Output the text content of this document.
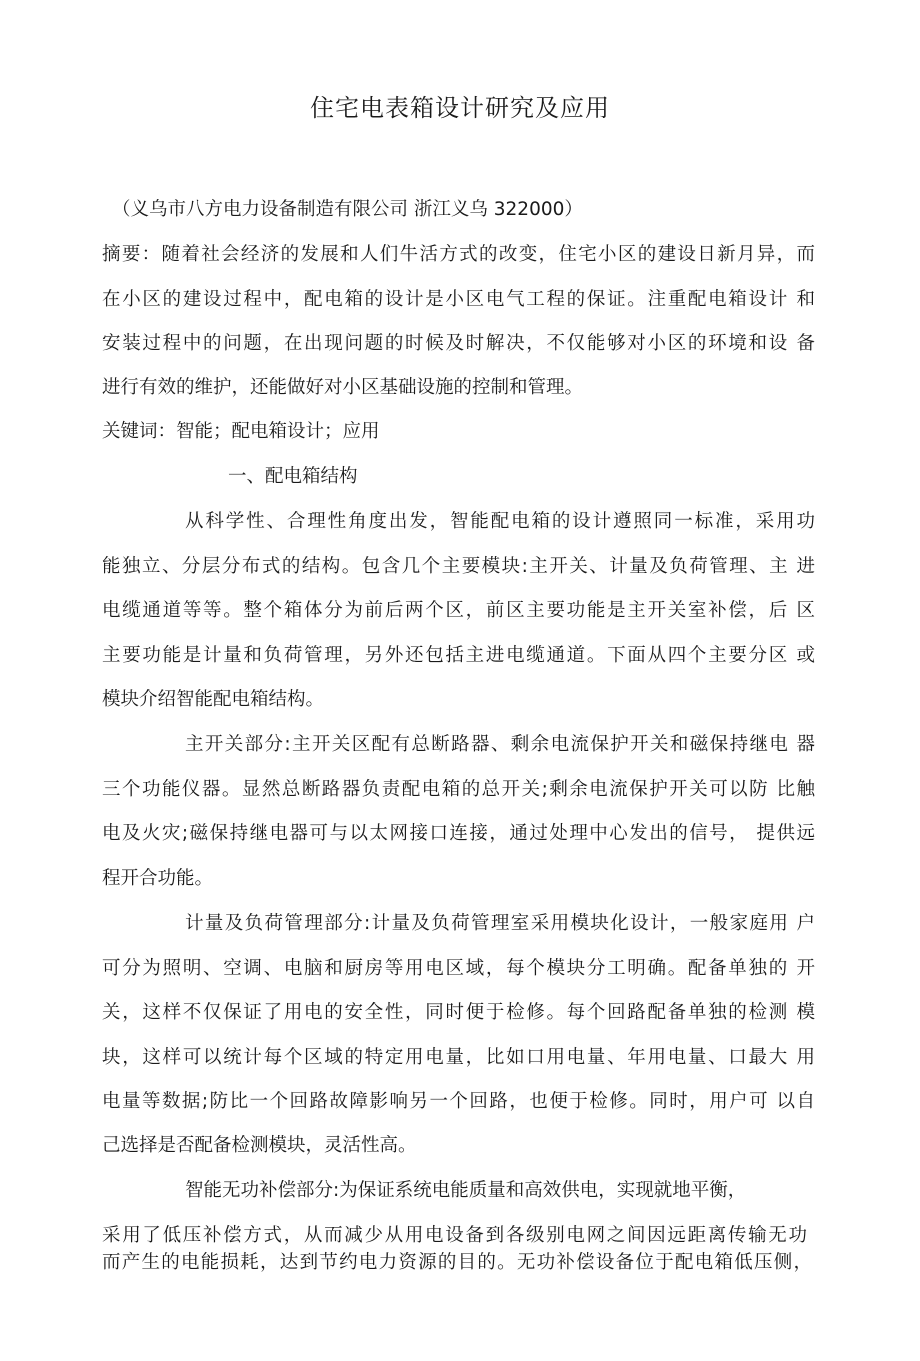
住宅电表箱设计研究及应用
（义乌市八方电力设备制造有限公司 浙江义乌 322000）
摘要：随着社会经济的发展和人们牛活方式的改变，住宅小区的建设日新月异，而
在小区的建设过程中，配电箱的设计是小区电气工程的保证。注重配电箱设计 和
安装过程中的问题，在出现问题的时候及时解决，不仅能够对小区的环境和设 备
进行有效的维护，还能做好对小区基础设施的控制和管理。
关键词：智能；配电箱设计；应用
一、配电箱结构
从科学性、合理性角度出发，智能配电箱的设计遵照同一标准，采用功
能独立、分层分布式的结构。包含几个主要模块:主开关、计量及负荷管理、主 进
电缆通道等等。整个箱体分为前后两个区，前区主要功能是主开关室补偿，后 区
主要功能是计量和负荷管理，另外还包括主进电缆通道。下面从四个主要分区 或
模块介绍智能配电箱结构。
主开关部分:主开关区配有总断路器、剩余电流保护开关和磁保持继电 器
三个功能仪器。显然总断路器负责配电箱的总开关;剩余电流保护开关可以防 比触
电及火灾;磁保持继电器可与以太网接口连接，通过处理中心发出的信号， 提供远
程开合功能。
计量及负荷管理部分:计量及负荷管理室采用模块化设计，一般家庭用 户
可分为照明、空调、电脑和厨房等用电区域，每个模块分工明确。配备单独的 开
关，这样不仅保证了用电的安全性，同时便于检修。每个回路配备单独的检测 模
块，这样可以统计每个区域的特定用电量，比如口用电量、年用电量、口最大 用
电量等数据;防比一个回路故障影响另一个回路，也便于检修。同时，用户可 以自
己选择是否配备检测模块，灵活性高。
智能无功补偿部分:为保证系统电能质量和高效供电，实现就地平衡，
采用了低压补偿方式，从而减少从用电设备到各级别电网之间因远距离传输无功
而产生的电能损耗，达到节约电力资源的目的。无功补偿设备位于配电箱低压侧，
